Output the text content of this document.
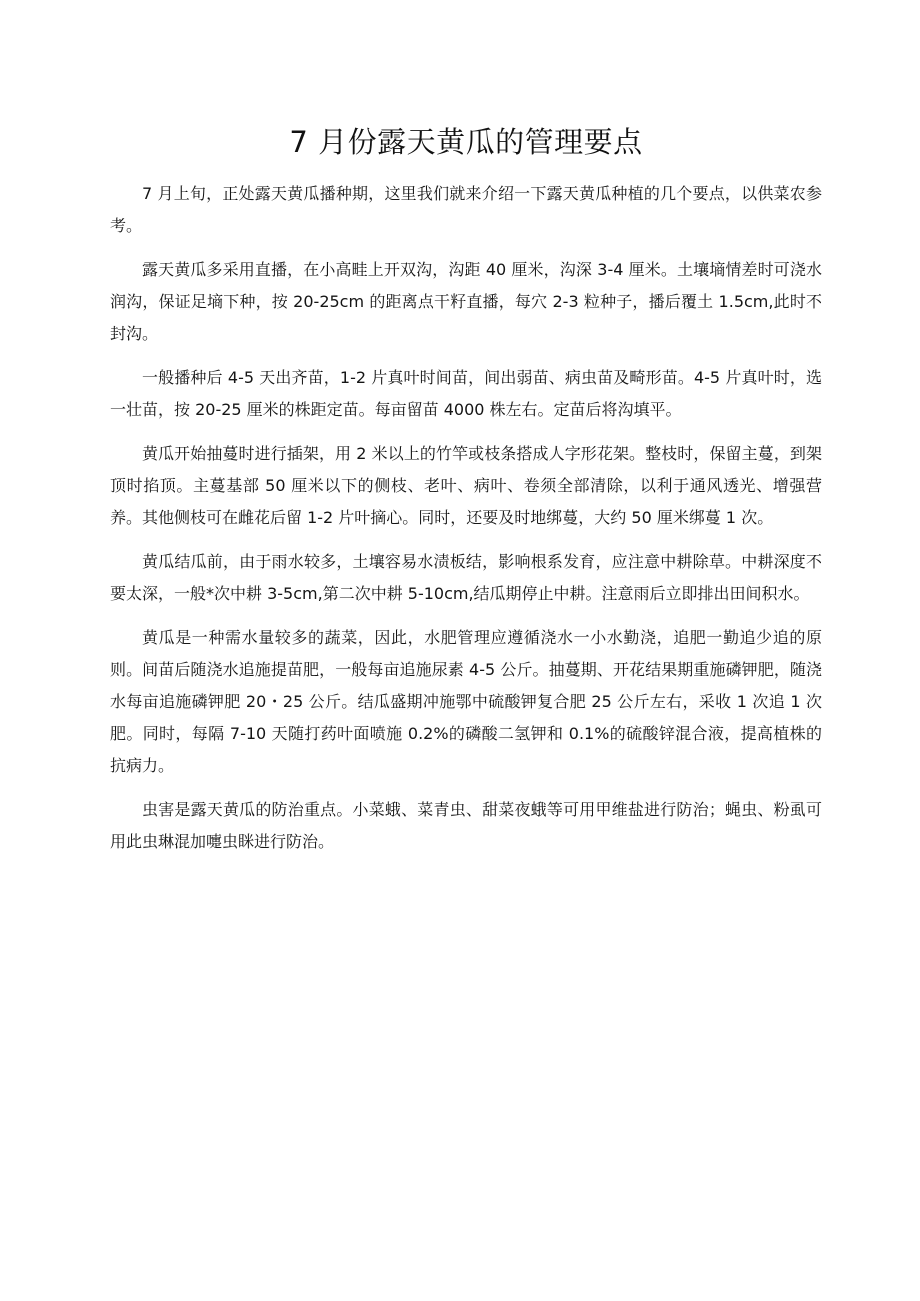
7 月份露天黄瓜的管理要点

7 月上旬，正处露天黄瓜播种期，这里我们就来介绍一下露天黄瓜种植的几个要点，以供菜农参考。

露天黄瓜多采用直播，在小高畦上开双沟，沟距 40 厘米，沟深 3-4 厘米。土壤墒情差时可浇水润沟，保证足墒下种，按 20-25cm 的距离点干籽直播，每穴 2-3 粒种子，播后覆土 1.5cm,此时不封沟。

一般播种后 4-5 天出齐苗，1-2 片真叶时间苗，间出弱苗、病虫苗及畸形苗。4-5 片真叶时，选一壮苗，按 20-25 厘米的株距定苗。每亩留苗 4000 株左右。定苗后将沟填平。

黄瓜开始抽蔓时进行插架，用 2 米以上的竹竿或枝条搭成人字形花架。整枝时，保留主蔓，到架顶时掐顶。主蔓基部 50 厘米以下的侧枝、老叶、病叶、卷须全部清除，以利于通风透光、增强营养。其他侧枝可在雌花后留 1-2 片叶摘心。同时，还要及时地绑蔓，大约 50 厘米绑蔓 1 次。

黄瓜结瓜前，由于雨水较多，土壤容易水渍板结，影响根系发育，应注意中耕除草。中耕深度不要太深，一般*次中耕 3-5cm,第二次中耕 5-10cm,结瓜期停止中耕。注意雨后立即排出田间积水。

黄瓜是一种需水量较多的蔬菜，因此，水肥管理应遵循浇水一小水勤浇，追肥一勤追少追的原则。间苗后随浇水追施提苗肥，一般每亩追施尿素 4-5 公斤。抽蔓期、开花结果期重施磷钾肥，随浇水每亩追施磷钾肥 20・25 公斤。结瓜盛期冲施鄂中硫酸钾复合肥 25 公斤左右，采收 1 次追 1 次肥。同时，每隔 7-10 天随打药叶面喷施 0.2%的磷酸二氢钾和 0.1%的硫酸锌混合液，提高植株的抗病力。

虫害是露天黄瓜的防治重点。小菜蛾、菜青虫、甜菜夜蛾等可用甲维盐进行防治；蝇虫、粉虱可用此虫琳混加嚏虫眯进行防治。
